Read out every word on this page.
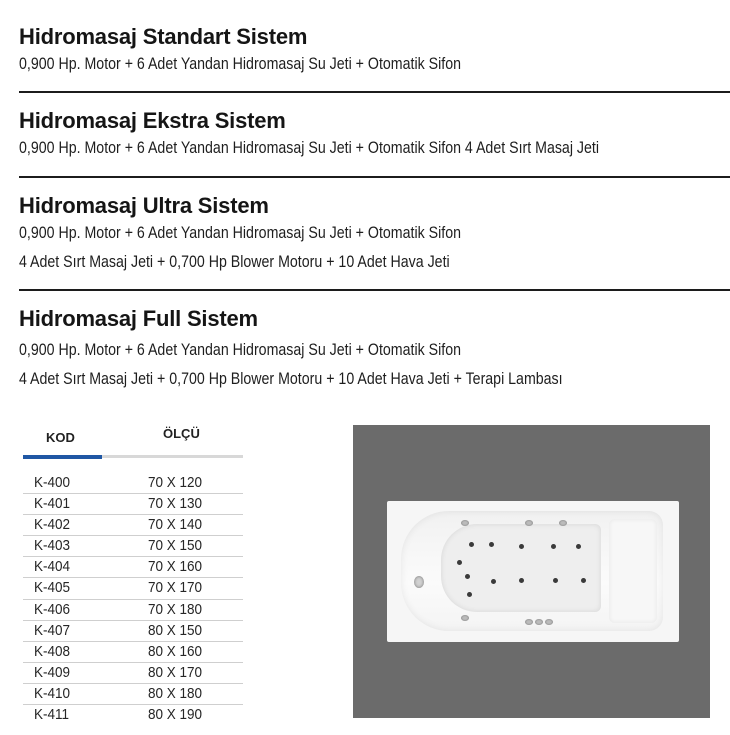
Hidromasaj Standart Sistem
0,900 Hp. Motor + 6 Adet Yandan Hidromasaj Su Jeti + Otomatik Sifon
Hidromasaj Ekstra Sistem
0,900 Hp. Motor + 6 Adet Yandan Hidromasaj Su Jeti + Otomatik Sifon 4 Adet Sırt Masaj Jeti
Hidromasaj Ultra Sistem
0,900 Hp. Motor + 6 Adet Yandan Hidromasaj Su Jeti + Otomatik Sifon
4 Adet Sırt Masaj Jeti + 0,700 Hp Blower Motoru + 10 Adet Hava Jeti
Hidromasaj Full Sistem
0,900 Hp. Motor + 6 Adet Yandan Hidromasaj Su Jeti + Otomatik Sifon
4 Adet Sırt Masaj Jeti + 0,700 Hp Blower Motoru + 10 Adet Hava Jeti + Terapi Lambası
KOD	ÖLÇÜ
K-400	70 X 120
K-401	70 X 130
K-402	70 X 140
K-403	70 X 150
K-404	70 X 160
K-405	70 X 170
K-406	70 X 180
K-407	80 X 150
K-408	80 X 160
K-409	80 X 170
K-410	80 X 180
K-411	80 X 190
